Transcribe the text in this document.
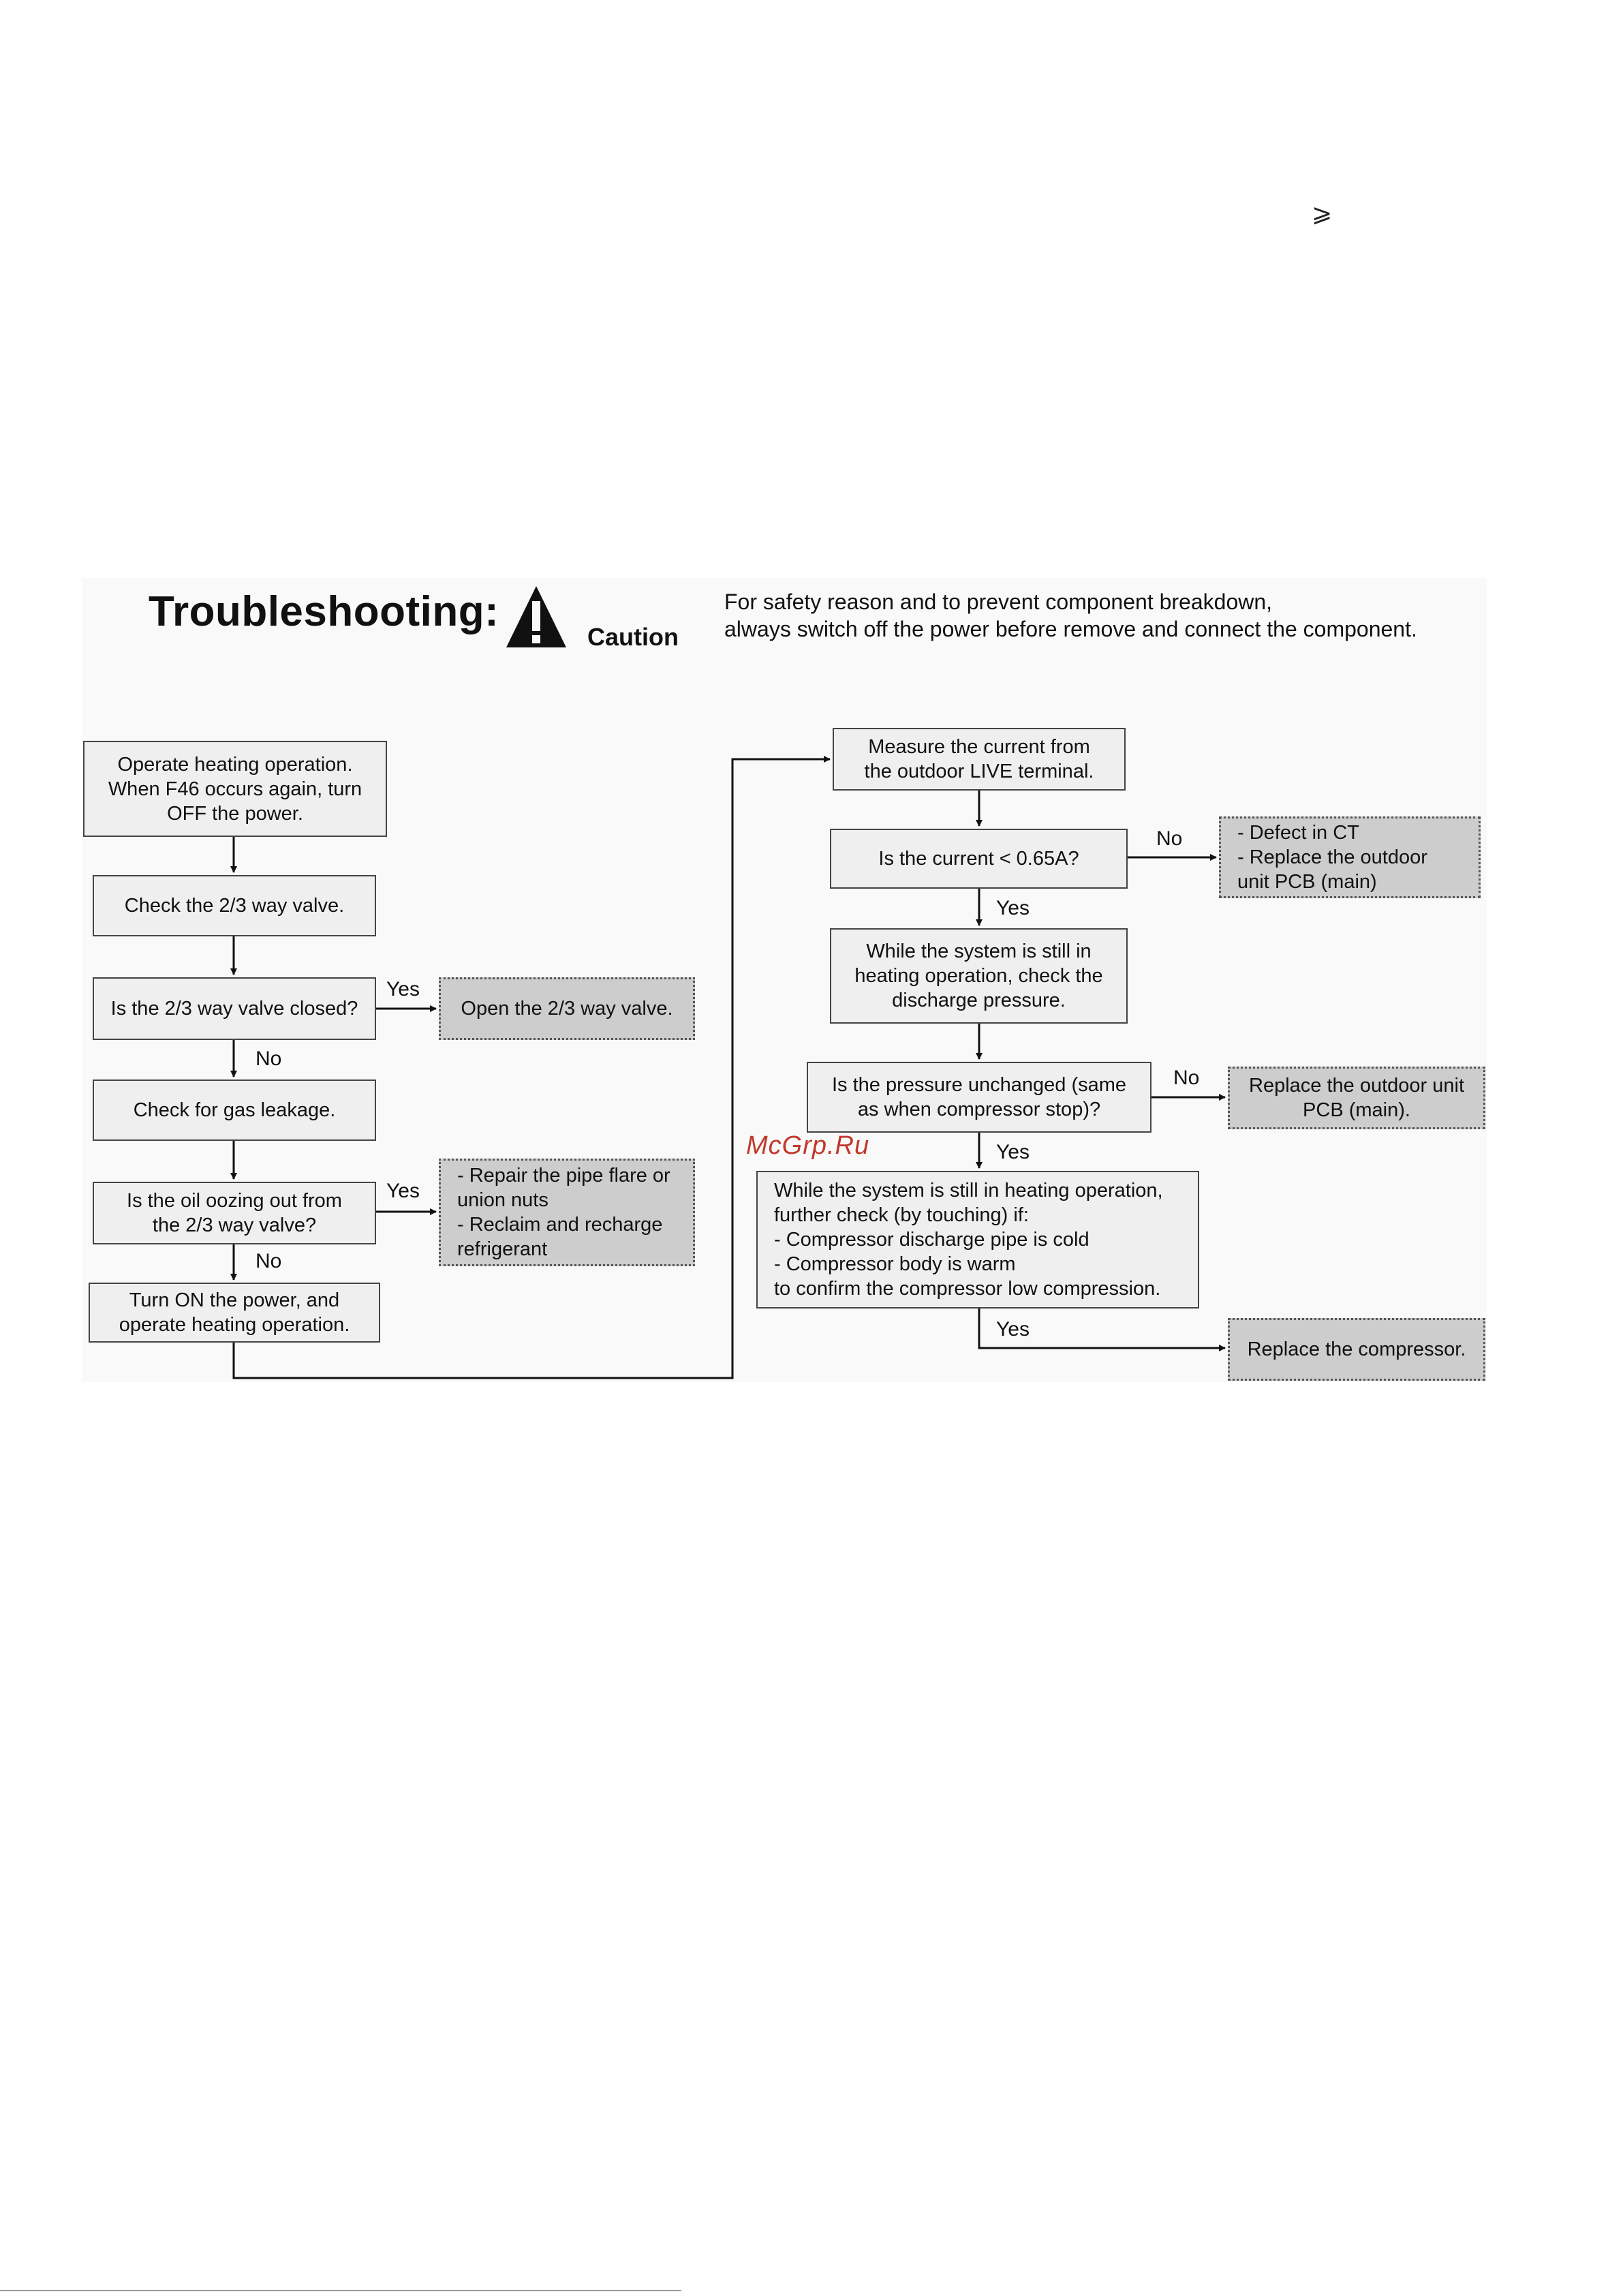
⩾
Troubleshooting:
Caution
For safety reason and to prevent component breakdown,
always switch off the power before remove and connect the component.
Operate heating operation.
When F46 occurs again, turn
OFF the power.
Check the 2/3 way valve.
Is the 2/3 way valve closed?	Open the 2/3 way valve.
Check for gas leakage.
Is the oil oozing out from
the 2/3 way valve?
- Repair the pipe flare or
union nuts
- Reclaim and recharge
refrigerant
Turn ON the power, and
operate heating operation.
Measure the current from
the outdoor LIVE terminal.
Is the current < 0.65A?
- Defect in CT
- Replace the outdoor
unit PCB (main)
While the system is still in
heating operation, check the
discharge pressure.
Is the pressure unchanged (same
as when compressor stop)?
Replace the outdoor unit
PCB (main).
While the system is still in heating operation,
further check (by touching) if:
- Compressor discharge pipe is cold
- Compressor body is warm
to confirm the compressor low compression.
Replace the compressor.
Yes
No
Yes
No
No
Yes
No
Yes
Yes
McGrp.Ru
